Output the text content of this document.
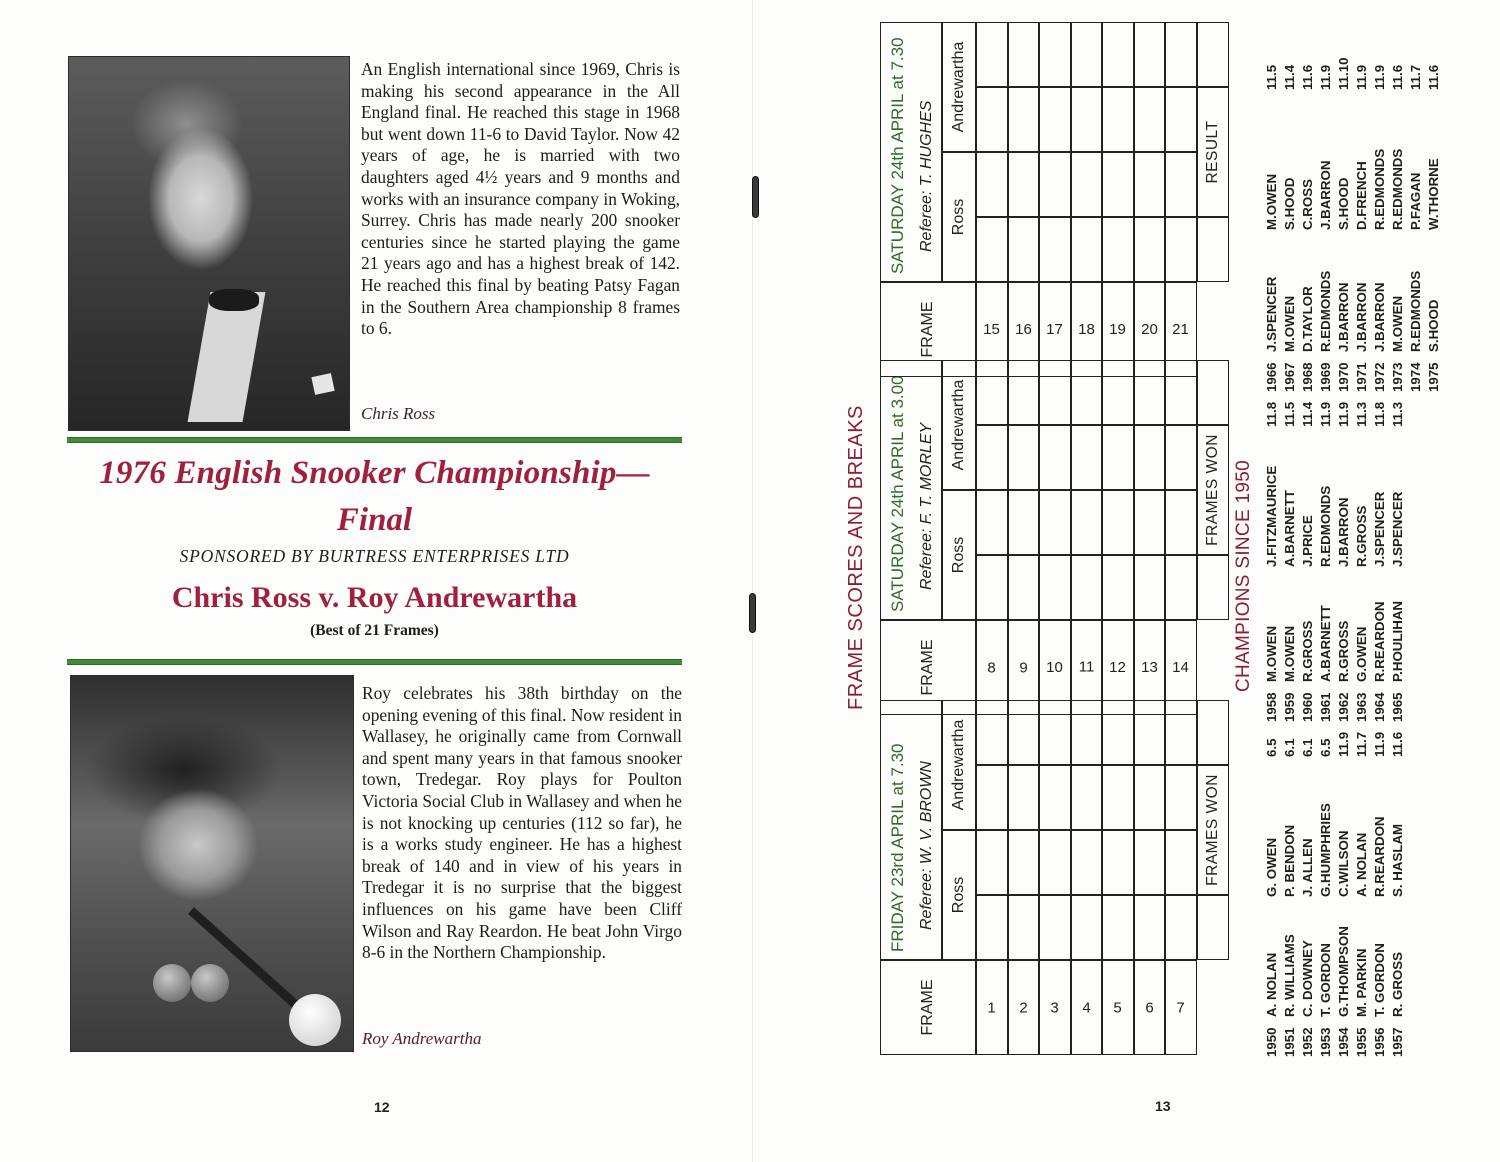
An English international since 1969, Chris is making his second appearance in the All England final. He reached this stage in 1968 but went down 11-6 to David Taylor. Now 42 years of age, he is married with two daughters aged 4½ years and 9 months and works with an insurance company in Woking, Surrey. Chris has made nearly 200 snooker centuries since he started playing the game 21 years ago and has a highest break of 142. He reached this final by beating Patsy Fagan in the Southern Area championship 8 frames to 6.

Chris Ross
1976 English Snooker Championship—
Final
SPONSORED BY BURTRESS ENTERPRISES LTD
Chris Ross v. Roy Andrewartha
(Best of 21 Frames)

Roy celebrates his 38th birthday on the opening evening of this final. Now resident in Wallasey, he originally came from Cornwall and spent many years in that famous snooker town, Tredegar. Roy plays for Poulton Victoria Social Club in Wallasey and when he is not knocking up centuries (112 so far), he is a works study engineer. He has a highest break of 140 and in view of his years in Tredegar it is no surprise that the biggest influences on his game have been Cliff Wilson and Ray Reardon. He beat John Virgo 8-6 in the Northern Championship.

Roy Andrewartha
12	13
FRAME SCORES AND BREAKS
FRIDAY 23rd APRIL at 7.30 Referee: W. V. BROWN
FRAME
Ross
Andrewartha
1 2 3 4 5 6 7
FRAMES WON
SATURDAY 24th APRIL at 3.00 Referee: F. T. MORLEY
FRAME
Ross
Andrewartha
8 9 10 11 12 13 14
FRAMES WON
SATURDAY 24th APRIL at 7.30 Referee: T. HUGHES
FRAME
Ross
Andrewartha
15 16 17 18 19 20 21
RESULT
CHAMPIONS SINCE 1950
1950
A. NOLAN
G. OWEN
6.5
1951
R. WILLIAMS
P. BENDON
6.1
1952
C. DOWNEY
J. ALLEN
6.1
1953
T. GORDON
G.HUMPHRIES
6.5
1954
G.THOMPSON
C.WILSON
11.9
1955
M. PARKIN
A. NOLAN
11.7
1956
T. GORDON
R.REARDON
11.9
1957
R. GROSS
S. HASLAM
11.6
1958
M.OWEN
J.FITZMAURICE
11.8
1959
M.OWEN
A.BARNETT
11.5
1960
R.GROSS
J.PRICE
11.4
1961
A.BARNETT
R.EDMONDS
11.9
1962
R.GROSS
J.BARRON
11.9
1963
G.OWEN
R.GROSS
11.3
1964
R.REARDON
J.SPENCER
11.8
1965
P.HOULIHAN
J.SPENCER
11.3
1966
J.SPENCER
M.OWEN
11.5
1967
M.OWEN
S.HOOD
11.4
1968
D.TAYLOR
C.ROSS
11.6
1969
R.EDMONDS
J.BARRON
11.9
1970
J.BARRON
S.HOOD
11.10
1971
J.BARRON
D.FRENCH
11.9
1972
J.BARRON
R.EDMONDS
11.9
1973
M.OWEN
R.EDMONDS
11.6
1974
R.EDMONDS
P.FAGAN
11.7
1975
S.HOOD
W.THORNE
11.6
